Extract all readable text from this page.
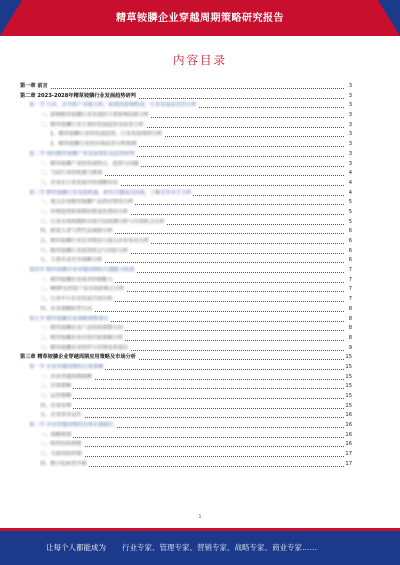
精草铵膦企业穿越周期策略研究报告
内容目录
第一章 前言	3
第二章 2023-2028年精草铵膦行业发展趋势研判	3
第一节 行业、竞争和产业链分析，政策的影响程度、行业发展前景的分析	3
一、影响精草铵膦行业发展的主要影响因素分析	3
二、精草铵膦行业主要的发展趋势及前景分析	3
1、精草铵膦行业的发展趋势，行业发展规律分析	3
2、精草铵膦行业的市场前景分析预测	3
第二节 国内精草铵膦产业发展现状及趋势研判	3
一、精草铵膦产业的发展特点、趋势与问题	3
二、当前行业的机遇与挑战	4
三、企业在行业发展中的战略布局	4
第三节 精草铵膦行业发展机遇，研究关键成功因素，了解竞争对手分析	4
一、重点企业精草铵膦产品供应情况分析	5
二、价格趋势和预期价格变化情况分析	5
三、行业市场规模和市场空间预测分析与市场机会分析	5
四、新进入者与替代品威胁分析	6
五、精草铵膦行业竞争格局与重点企业布局分析	6
六、精草铵膦行业投资机会与风险分析	6
七、主要企业竞争战略分析	6
第四节 精草铵膦企业穿越周期的关键能力构建	7
一、精草铵膦企业成本控制能力	7
二、MOP无形资产及市场影响力分析	7
三、行业中小企业发展空间分析	7
四、企业战略转型方向	8
第五节 精草铵膦企业战略调整建议	8
一、精草铵膦企业产品结构调整方向	8
二、精草铵膦企业市场开拓策略分析	8
三、精草铵膦企业组织与管理变革建议	9
第三章 精草铵膦企业穿越周期应用策略及市场分析	15
第一节 企业穿越周期的总体策略	15
一、企业穿越周期策略	15
二、市场策略	15
三、运营策略	15
四、企业管理	15
五、企业资本运作	16
第二节 企业穿越周期的具体实施路径	16
一、战略规划	16
二、组织结构调整	16
三、全面风险控制	17
四、数字化转型升级	17
1
让每个人都能成为 行业专家、管理专家、营销专家、战略专家、商业专家……
